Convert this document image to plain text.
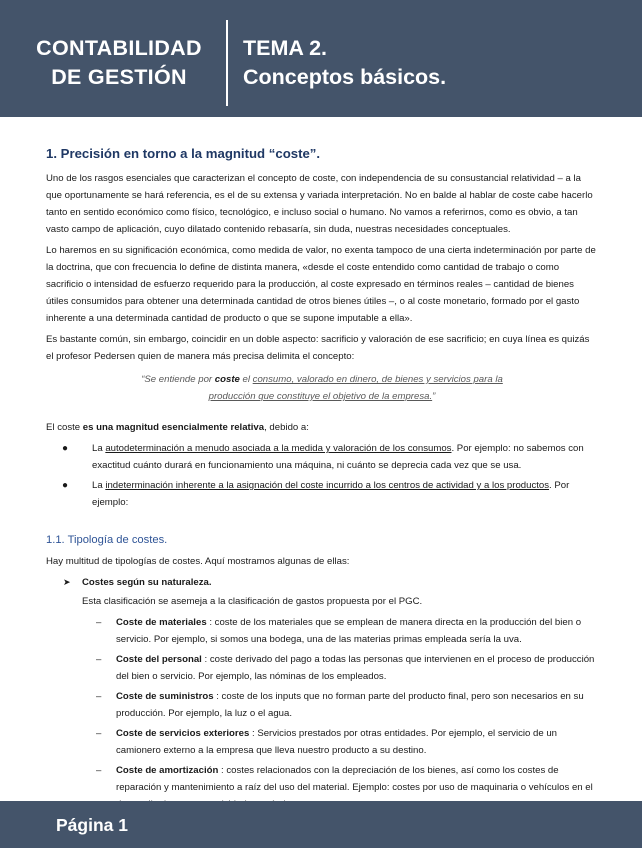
CONTABILIDAD
DE GESTIÓN
TEMA 2.
Conceptos básicos.
1. Precisión en torno a la magnitud “coste”.

Uno de los rasgos esenciales que caracterizan el concepto de coste, con independencia de su consustancial relatividad – a la que oportunamente se hará referencia, es el de su extensa y variada interpretación. No en balde al hablar de coste cabe hacerlo tanto en sentido económico como físico, tecnológico, e incluso social o humano. No vamos a referirnos, como es obvio, a tan vasto campo de aplicación, cuyo dilatado contenido rebasaría, sin duda, nuestras necesidades conceptuales.

Lo haremos en su significación económica, como medida de valor, no exenta tampoco de una cierta indeterminación por parte de la doctrina, que con frecuencia lo define de distinta manera, «desde el coste entendido como cantidad de trabajo o como sacrificio o intensidad de esfuerzo requerido para la producción, al coste expresado en términos reales – cantidad de bienes útiles consumidos para obtener una determinada cantidad de otros bienes útiles –, o al coste monetario, formado por el gasto inherente a una determinada cantidad de producto o que se supone imputable a ella».

Es bastante común, sin embargo, coincidir en un doble aspecto: sacrificio y valoración de ese sacrificio; en cuya línea es quizás el profesor Pedersen quien de manera más precisa delimita el concepto:

“Se entiende por coste el consumo, valorado en dinero, de bienes y servicios para la
producción que constituye el objetivo de la empresa.”

El coste es una magnitud esencialmente relativa, debido a:

● La autodeterminación a menudo asociada a la medida y valoración de los consumos. Por ejemplo: no sabemos con exactitud cuánto durará en funcionamiento una máquina, ni cuánto se deprecia cada vez que se usa.
● La indeterminación inherente a la asignación del coste incurrido a los centros de actividad y a los productos. Por ejemplo:
1.1. Tipología de costes.

Hay multitud de tipologías de costes. Aquí mostramos algunas de ellas:

➤ Costes según su naturaleza.
Esta clasificación se asemeja a la clasificación de gastos propuesta por el PGC.
– Coste de materiales : coste de los materiales que se emplean de manera directa en la producción del bien o servicio. Por ejemplo, si somos una bodega, una de las materias primas empleada sería la uva.
– Coste del personal : coste derivado del pago a todas las personas que intervienen en el proceso de producción del bien o servicio. Por ejemplo, las nóminas de los empleados.
– Coste de suministros : coste de los inputs que no forman parte del producto final, pero son necesarios en su producción. Por ejemplo, la luz o el agua.
– Coste de servicios exteriores : Servicios prestados por otras entidades. Por ejemplo, el servicio de un camionero externo a la empresa que lleva nuestro producto a su destino.
– Coste de amortización : costes relacionados con la depreciación de los bienes, así como los costes de reparación y mantenimiento a raíz del uso del material. Ejemplo: costes por uso de maquinaria o vehículos en el
Página 1
